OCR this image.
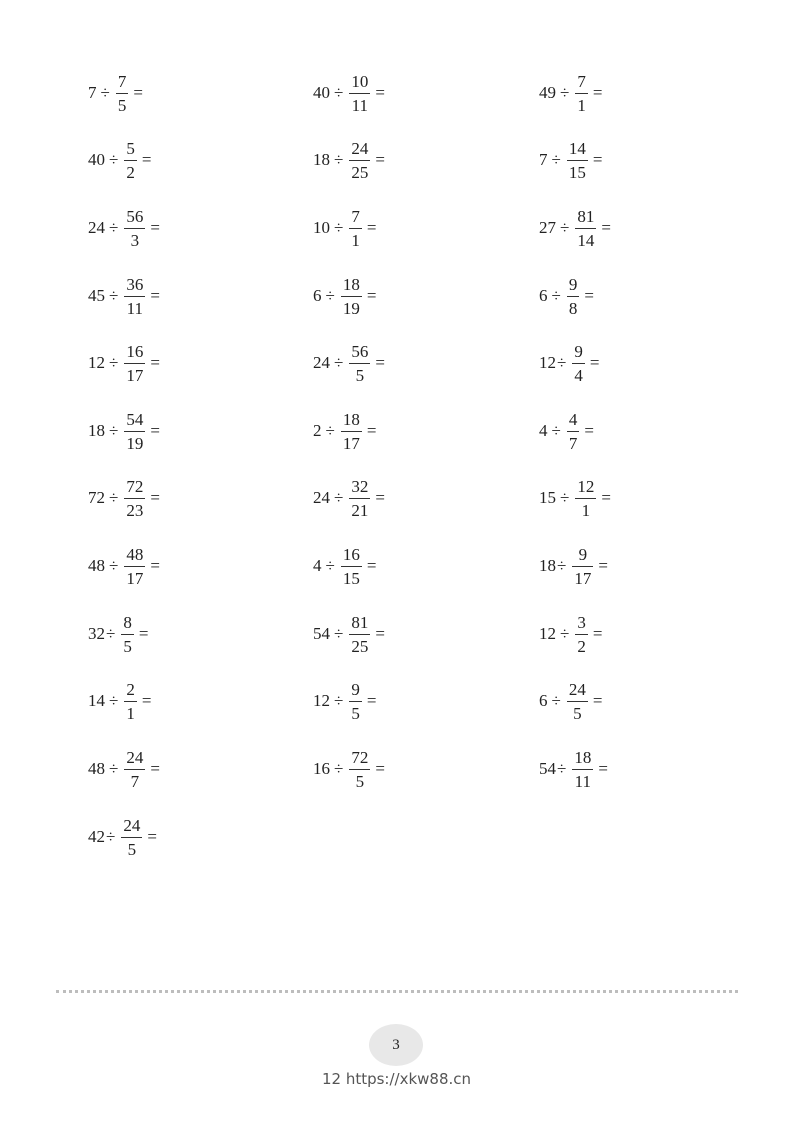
$7 \div \frac{7}{5}$ =	$40 \div \frac{10}{11}$ =	$49 \div \frac{7}{1}$ =
$40 \div \frac{5}{2}$ =	$18 \div \frac{24}{25}$ =	$7 \div \frac{14}{15}$ =
$24 \div \frac{56}{3}$ =	$10 \div \frac{7}{1}$ =	$27 \div \frac{81}{14}$ =
$45 \div \frac{36}{11}$ =	$6 \div \frac{18}{19}$ =	$6 \div \frac{9}{8}$ =
$12 \div \frac{16}{17}$ =	$24 \div \frac{56}{5}$ =	$12 \div \frac{9}{4}$ =
$18 \div \frac{54}{19}$ =	$2 \div \frac{18}{17}$ =	$4 \div \frac{4}{7}$ =
$72 \div \frac{72}{23}$ =	$24 \div \frac{32}{21}$ =	$15 \div \frac{12}{1}$ =
$48 \div \frac{48}{17}$ =	$4 \div \frac{16}{15}$ =	$18 \div \frac{9}{17}$ =
$32 \div \frac{8}{5}$ =	$54 \div \frac{81}{25}$ =	$12 \div \frac{3}{2}$ =
$14 \div \frac{2}{1}$ =	$12 \div \frac{9}{5}$ =	$6 \div \frac{24}{5}$ =
$48 \div \frac{24}{7}$ =	$16 \div \frac{72}{5}$ =	$54 \div \frac{18}{11}$ =
$42 \div \frac{24}{5}$ =
3
12 https://xkw88.cn
